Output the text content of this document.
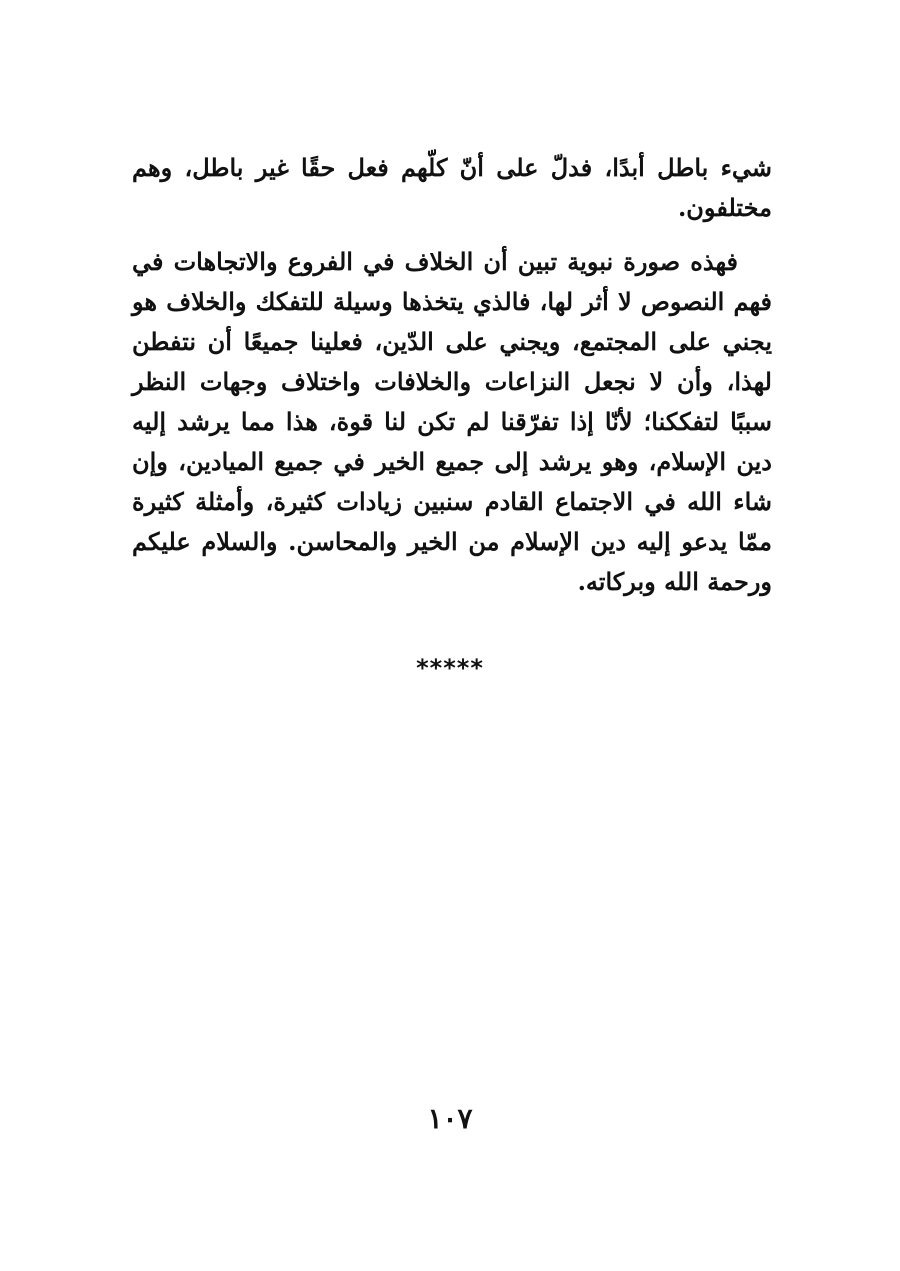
شيء باطل أبدًا، فدلّ على أنّ كلّهم فعل حقًا غير باطل، وهم مختلفون.

فهذه صورة نبوية تبين أن الخلاف في الفروع والاتجاهات في فهم النصوص لا أثر لها، فالذي يتخذها وسيلة للتفكك والخلاف هو يجني على المجتمع، ويجني على الدّين، فعلينا جميعًا أن نتفطن لهذا، وأن لا نجعل النزاعات والخلافات واختلاف وجهات النظر سببًا لتفككنا؛ لأنّا إذا تفرّقنا لم تكن لنا قوة، هذا مما يرشد إليه دين الإسلام، وهو يرشد إلى جميع الخير في جميع الميادين، وإن شاء الله في الاجتماع القادم سنبين زيادات كثيرة، وأمثلة كثيرة ممّا يدعو إليه دين الإسلام من الخير والمحاسن. والسلام عليكم ورحمة الله وبركاته.

*****
١٠٧
